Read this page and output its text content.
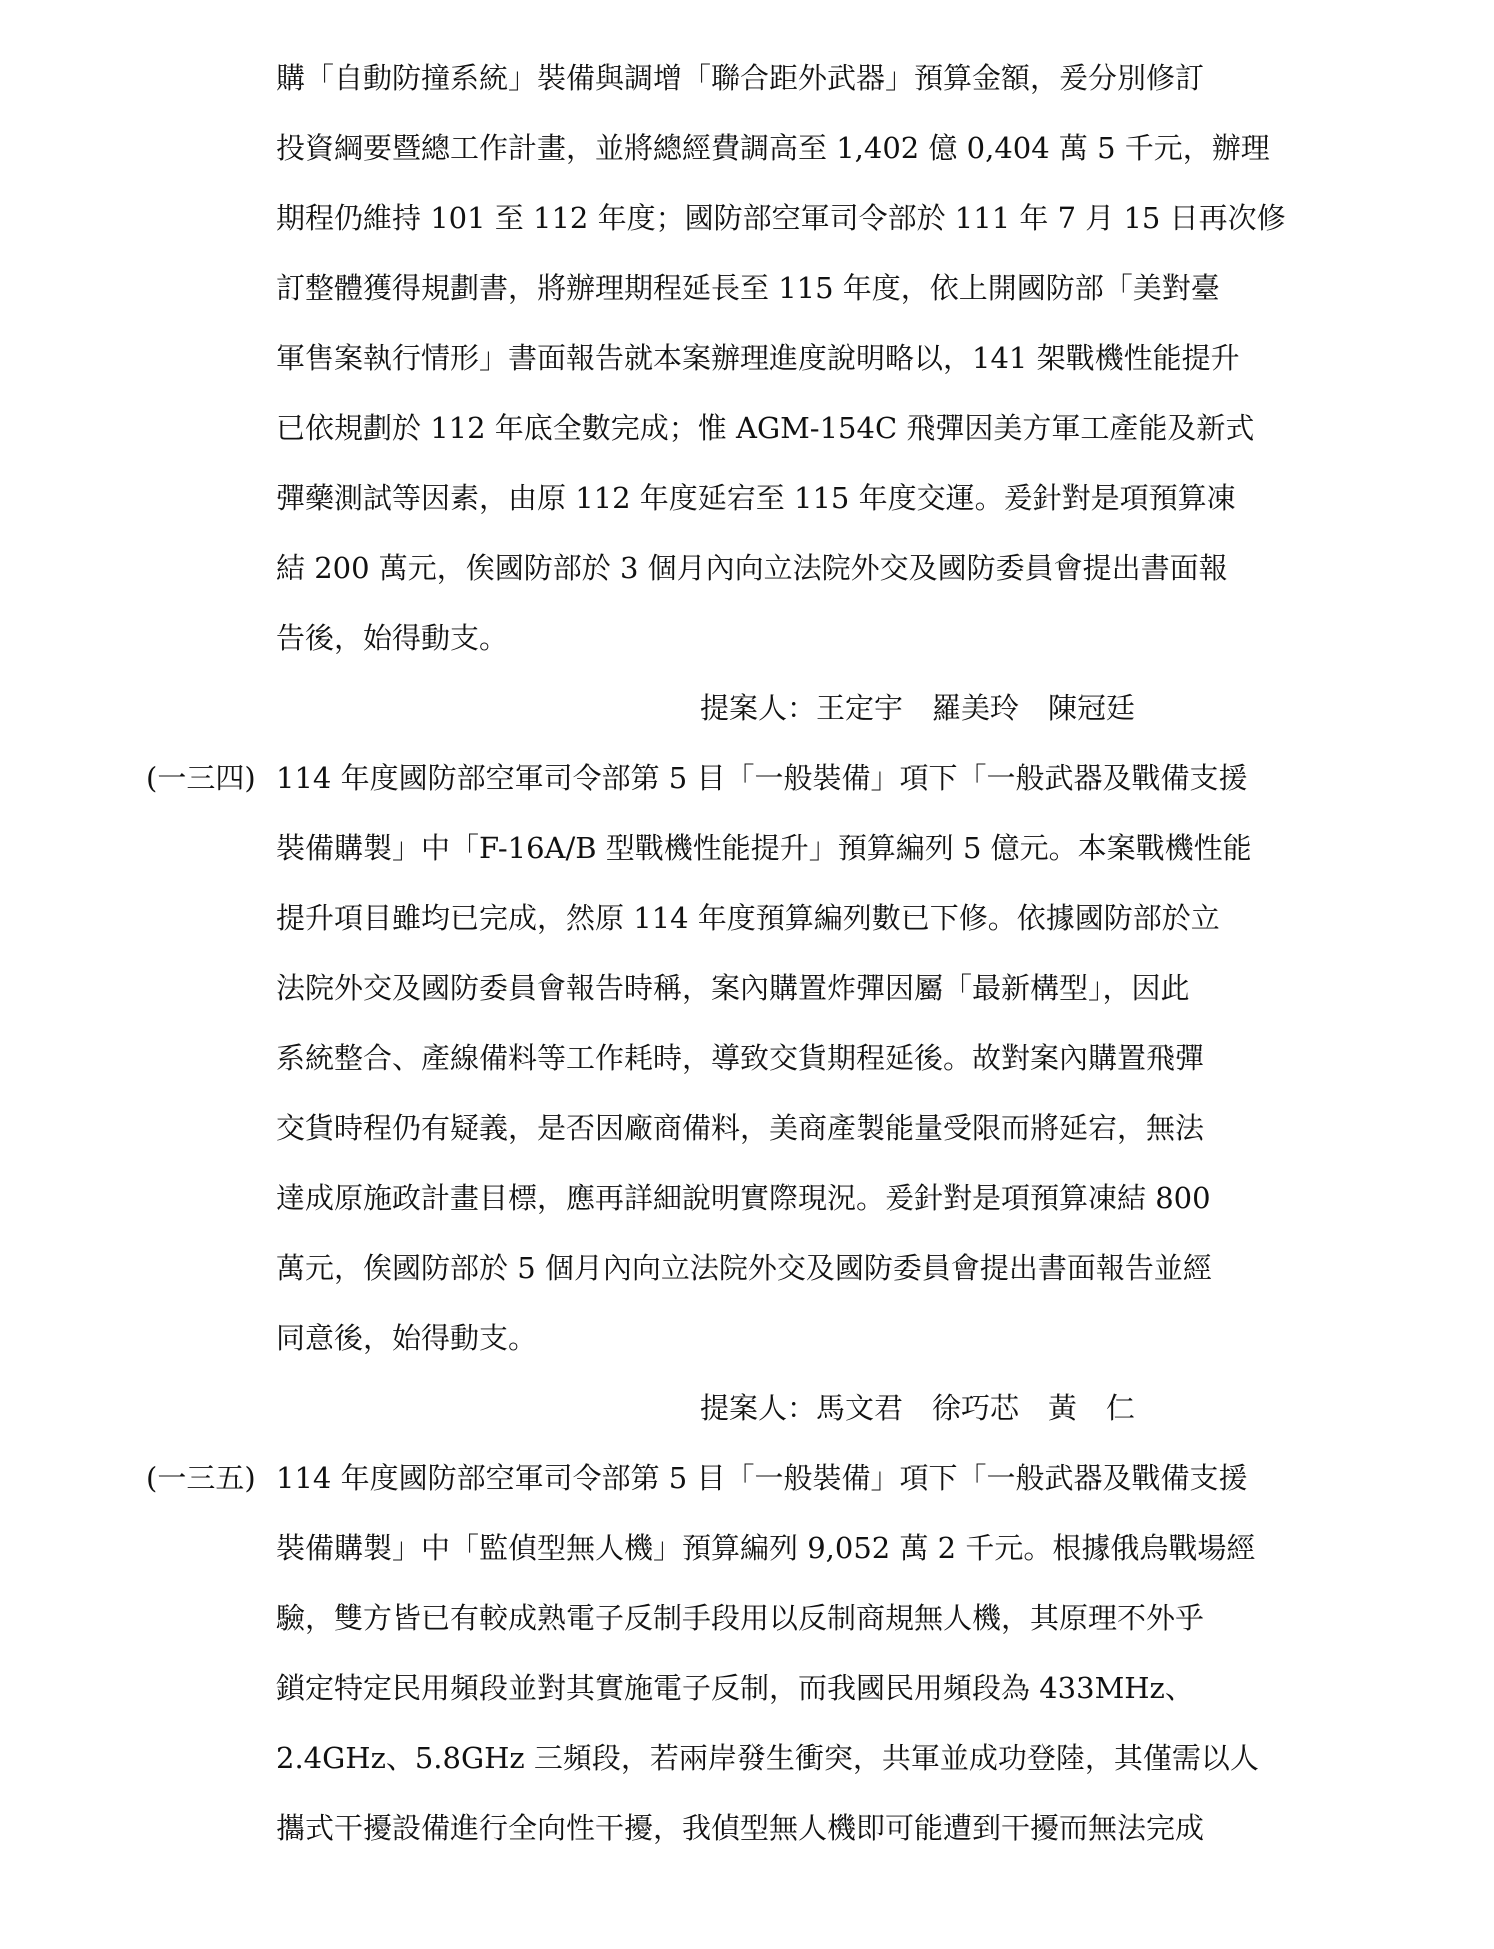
購「自動防撞系統」裝備與調增「聯合距外武器」預算金額，爰分別修訂
投資綱要暨總工作計畫，並將總經費調高至 1,402 億 0,404 萬 5 千元，辦理
期程仍維持 101 至 112 年度；國防部空軍司令部於 111 年 7 月 15 日再次修
訂整體獲得規劃書，將辦理期程延長至 115 年度，依上開國防部「美對臺
軍售案執行情形」書面報告就本案辦理進度說明略以，141 架戰機性能提升
已依規劃於 112 年底全數完成；惟 AGM-154C 飛彈因美方軍工產能及新式
彈藥測試等因素，由原 112 年度延宕至 115 年度交運。爰針對是項預算凍
結 200 萬元，俟國防部於 3 個月內向立法院外交及國防委員會提出書面報
告後，始得動支。
提案人：王定宇　羅美玲　陳冠廷
(一三四) 114 年度國防部空軍司令部第 5 目「一般裝備」項下「一般武器及戰備支援
裝備購製」中「F-16A/B 型戰機性能提升」預算編列 5 億元。本案戰機性能
提升項目雖均已完成，然原 114 年度預算編列數已下修。依據國防部於立
法院外交及國防委員會報告時稱，案內購置炸彈因屬「最新構型」，因此
系統整合、產線備料等工作耗時，導致交貨期程延後。故對案內購置飛彈
交貨時程仍有疑義，是否因廠商備料，美商產製能量受限而將延宕，無法
達成原施政計畫目標，應再詳細說明實際現況。爰針對是項預算凍結 800
萬元，俟國防部於 5 個月內向立法院外交及國防委員會提出書面報告並經
同意後，始得動支。
提案人：馬文君　徐巧芯　黃　仁
(一三五) 114 年度國防部空軍司令部第 5 目「一般裝備」項下「一般武器及戰備支援
裝備購製」中「監偵型無人機」預算編列 9,052 萬 2 千元。根據俄烏戰場經
驗，雙方皆已有較成熟電子反制手段用以反制商規無人機，其原理不外乎
鎖定特定民用頻段並對其實施電子反制，而我國民用頻段為 433MHz、
2.4GHz、5.8GHz 三頻段，若兩岸發生衝突，共軍並成功登陸，其僅需以人
攜式干擾設備進行全向性干擾，我偵型無人機即可能遭到干擾而無法完成
